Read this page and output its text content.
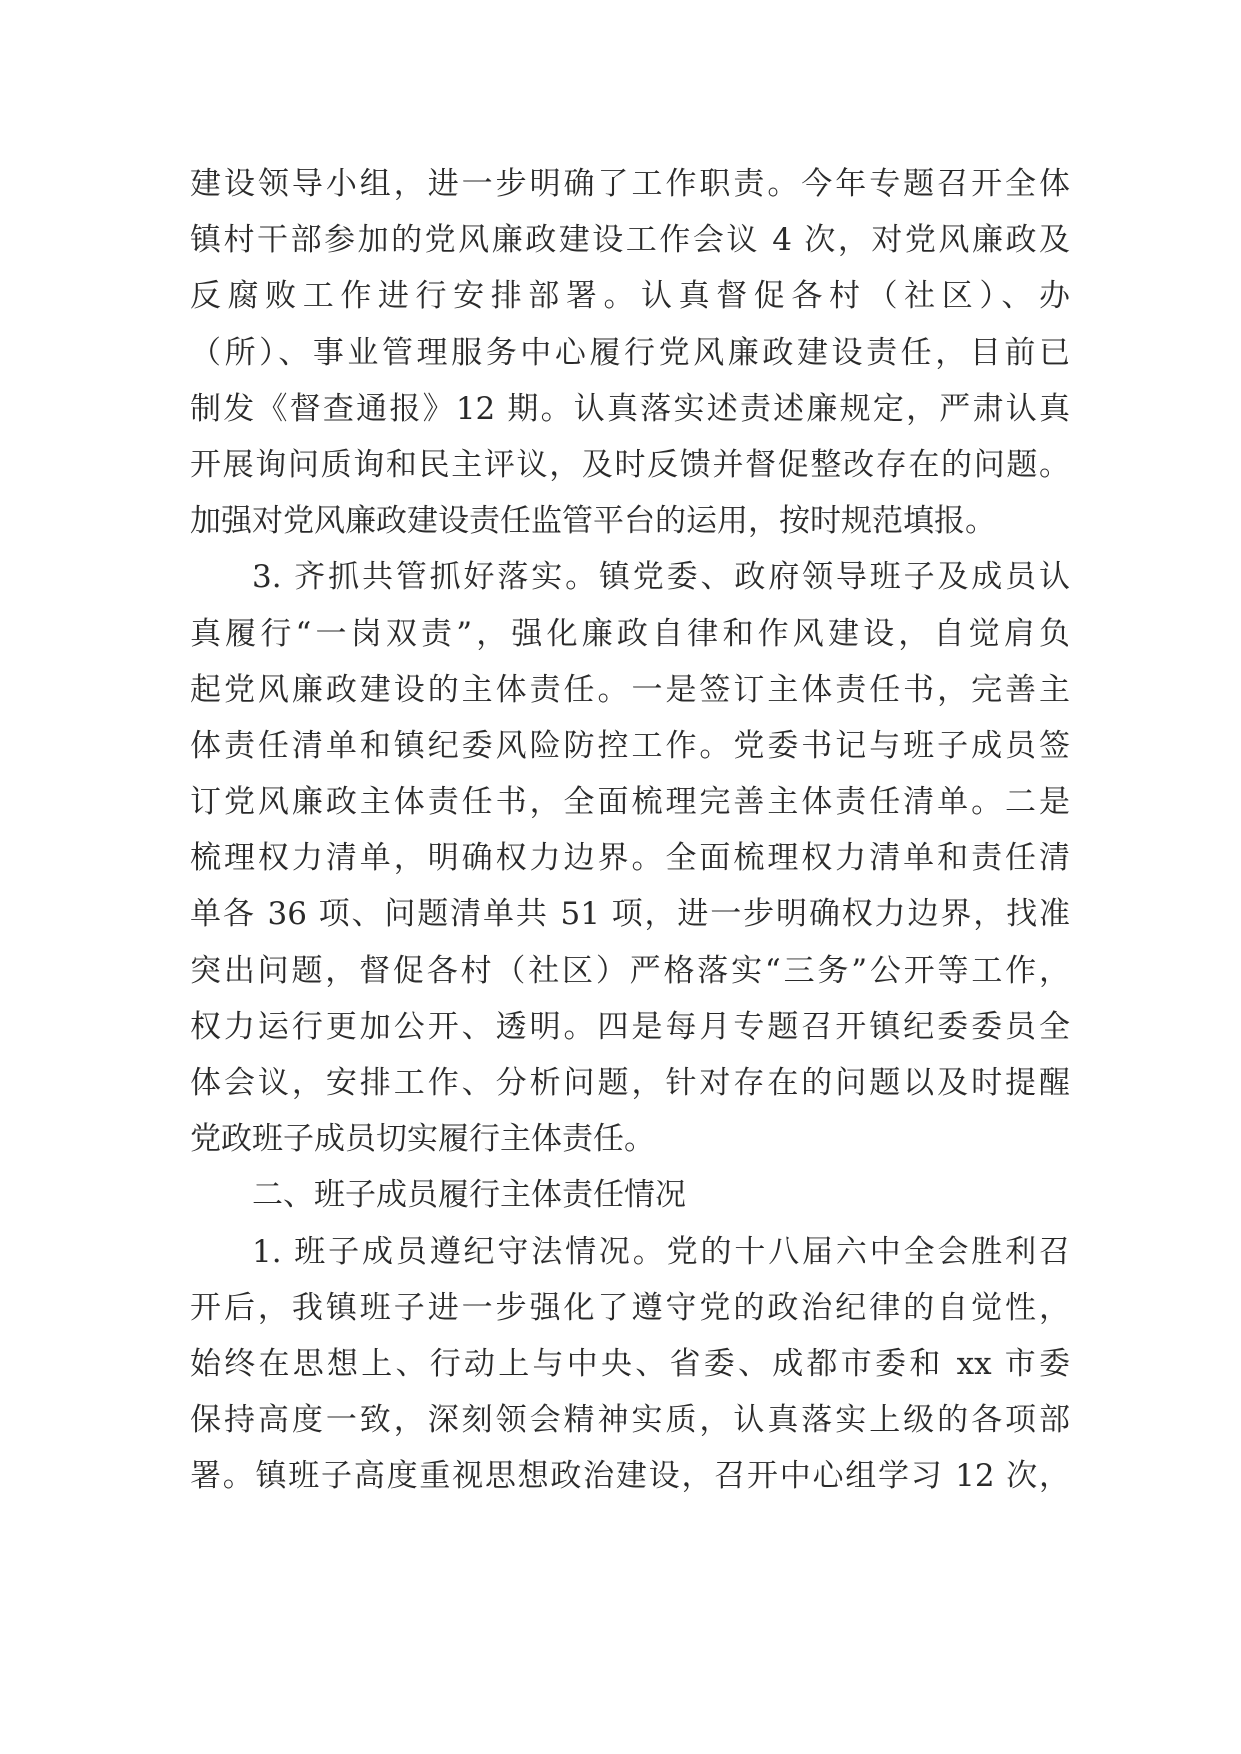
建设领导小组，进一步明确了工作职责。今年专题召开全体
镇村干部参加的党风廉政建设工作会议 4 次，对党风廉政及
反腐败工作进行安排部署。认真督促各村（社区）、办
（所）、事业管理服务中心履行党风廉政建设责任，目前已
制发《督查通报》12 期。认真落实述责述廉规定，严肃认真
开展询问质询和民主评议，及时反馈并督促整改存在的问题。
加强对党风廉政建设责任监管平台的运用，按时规范填报。
3. 齐抓共管抓好落实。镇党委、政府领导班子及成员认
真履行“一岗双责”，强化廉政自律和作风建设，自觉肩负
起党风廉政建设的主体责任。一是签订主体责任书，完善主
体责任清单和镇纪委风险防控工作。党委书记与班子成员签
订党风廉政主体责任书，全面梳理完善主体责任清单。二是
梳理权力清单，明确权力边界。全面梳理权力清单和责任清
单各 36 项、问题清单共 51 项，进一步明确权力边界，找准
突出问题，督促各村（社区）严格落实“三务”公开等工作，
权力运行更加公开、透明。四是每月专题召开镇纪委委员全
体会议，安排工作、分析问题，针对存在的问题以及时提醒
党政班子成员切实履行主体责任。
二、班子成员履行主体责任情况
1. 班子成员遵纪守法情况。党的十八届六中全会胜利召
开后，我镇班子进一步强化了遵守党的政治纪律的自觉性，
始终在思想上、行动上与中央、省委、成都市委和 xx 市委
保持高度一致，深刻领会精神实质，认真落实上级的各项部
署。镇班子高度重视思想政治建设，召开中心组学习 12 次，
